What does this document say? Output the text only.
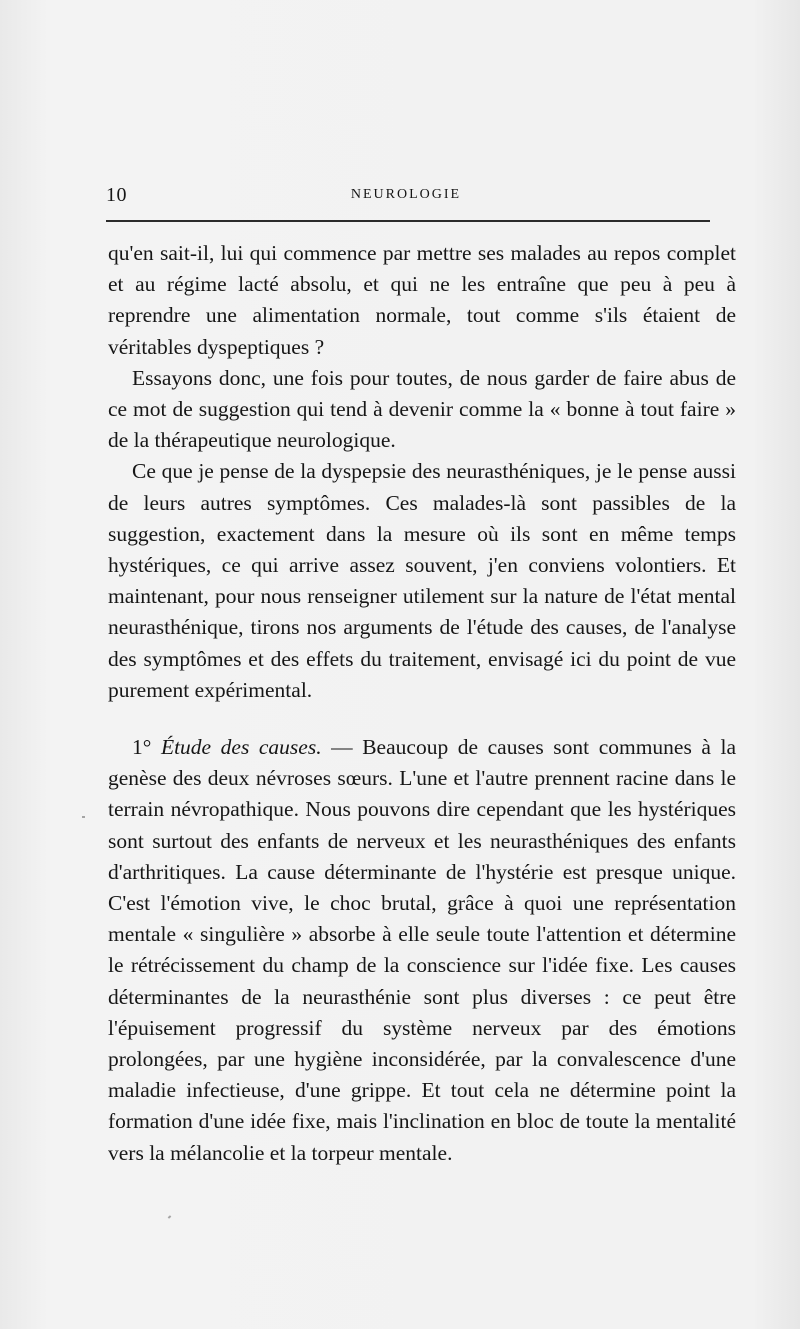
10	NEUROLOGIE

qu'en sait-il, lui qui commence par mettre ses malades au repos complet et au régime lacté absolu, et qui ne les entraîne que peu à peu à reprendre une alimentation normale, tout comme s'ils étaient de véritables dyspeptiques ?

Essayons donc, une fois pour toutes, de nous garder de faire abus de ce mot de suggestion qui tend à devenir comme la « bonne à tout faire » de la thérapeutique neurologique.

Ce que je pense de la dyspepsie des neurasthéniques, je le pense aussi de leurs autres symptômes. Ces malades-là sont passibles de la suggestion, exactement dans la mesure où ils sont en même temps hystériques, ce qui arrive assez souvent, j'en conviens volontiers. Et maintenant, pour nous renseigner utilement sur la nature de l'état mental neurasthénique, tirons nos arguments de l'étude des causes, de l'analyse des symptômes et des effets du traitement, envisagé ici du point de vue purement expérimental.

1° Étude des causes. — Beaucoup de causes sont communes à la genèse des deux névroses sœurs. L'une et l'autre prennent racine dans le terrain névropathique. Nous pouvons dire cependant que les hystériques sont surtout des enfants de nerveux et les neurasthéniques des enfants d'arthritiques. La cause déterminante de l'hystérie est presque unique. C'est l'émotion vive, le choc brutal, grâce à quoi une représentation mentale « singulière » absorbe à elle seule toute l'attention et détermine le rétrécissement du champ de la conscience sur l'idée fixe. Les causes déterminantes de la neurasthénie sont plus diverses : ce peut être l'épuisement progressif du système nerveux par des émotions prolongées, par une hygiène inconsidérée, par la convalescence d'une maladie infectieuse, d'une grippe. Et tout cela ne détermine point la formation d'une idée fixe, mais l'inclination en bloc de toute la mentalité vers la mélancolie et la torpeur mentale.
